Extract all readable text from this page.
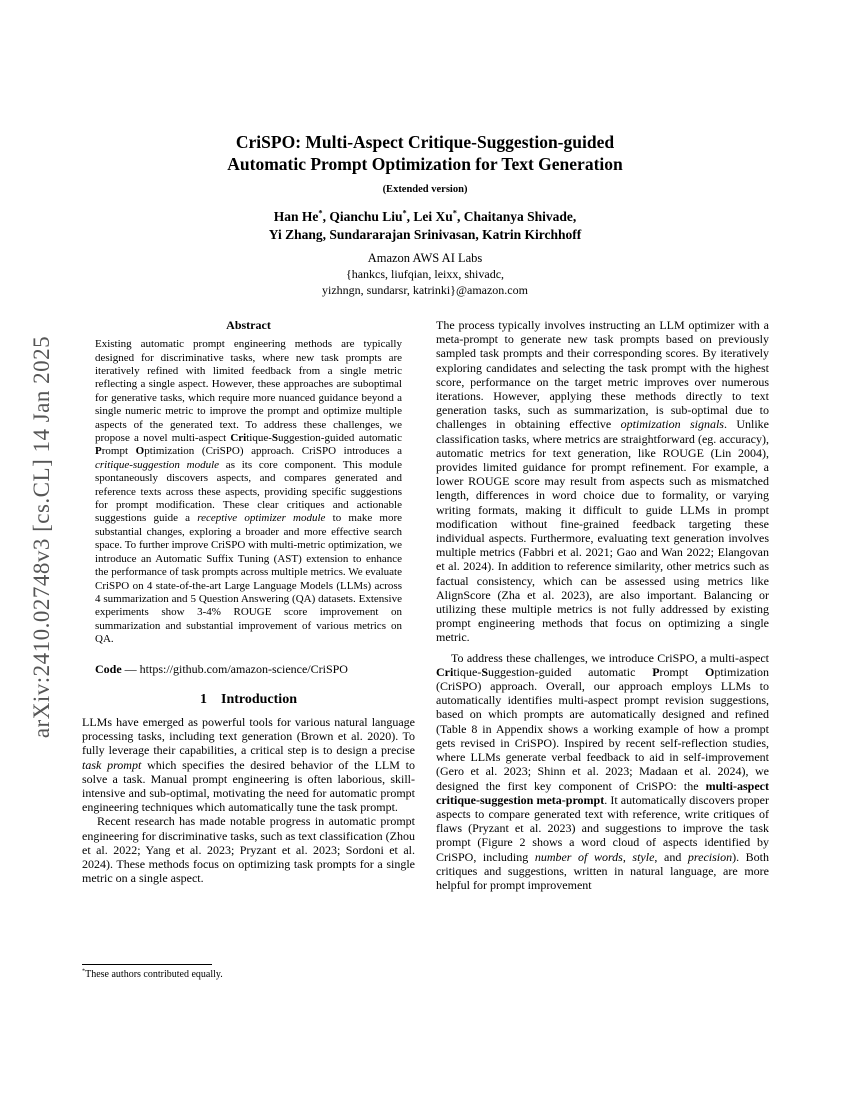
arXiv:2410.02748v3 [cs.CL] 14 Jan 2025
CriSPO: Multi-Aspect Critique-Suggestion-guided
Automatic Prompt Optimization for Text Generation
(Extended version)
Han He*, Qianchu Liu*, Lei Xu*, Chaitanya Shivade,
Yi Zhang, Sundararajan Srinivasan, Katrin Kirchhoff
Amazon AWS AI Labs
{hankcs, liufqian, leixx, shivadc,
yizhngn, sundarsr, katrinki}@amazon.com
Abstract
Existing automatic prompt engineering methods are typically designed for discriminative tasks, where new task prompts are iteratively refined with limited feedback from a single metric reflecting a single aspect. However, these approaches are suboptimal for generative tasks, which require more nuanced guidance beyond a single numeric metric to improve the prompt and optimize multiple aspects of the generated text. To address these challenges, we propose a novel multi-aspect Critique-Suggestion-guided automatic Prompt Optimization (CriSPO) approach. CriSPO introduces a critique-suggestion module as its core component. This module spontaneously discovers aspects, and compares generated and reference texts across these aspects, providing specific suggestions for prompt modification. These clear critiques and actionable suggestions guide a receptive optimizer module to make more substantial changes, exploring a broader and more effective search space. To further improve CriSPO with multi-metric optimization, we introduce an Automatic Suffix Tuning (AST) extension to enhance the performance of task prompts across multiple metrics. We evaluate CriSPO on 4 state-of-the-art Large Language Models (LLMs) across 4 summarization and 5 Question Answering (QA) datasets. Extensive experiments show 3-4% ROUGE score improvement on summarization and substantial improvement of various metrics on QA.
Code — https://github.com/amazon-science/CriSPO
1 Introduction

LLMs have emerged as powerful tools for various natural language processing tasks, including text generation (Brown et al. 2020). To fully leverage their capabilities, a critical step is to design a precise task prompt which specifies the desired behavior of the LLM to solve a task. Manual prompt engineering is often laborious, skill-intensive and sub-optimal, motivating the need for automatic prompt engineering techniques which automatically tune the task prompt.

Recent research has made notable progress in automatic prompt engineering for discriminative tasks, such as text classification (Zhou et al. 2022; Yang et al. 2023; Pryzant et al. 2023; Sordoni et al. 2024). These methods focus on optimizing task prompts for a single metric on a single aspect.

The process typically involves instructing an LLM optimizer with a meta-prompt to generate new task prompts based on previously sampled task prompts and their corresponding scores. By iteratively exploring candidates and selecting the task prompt with the highest score, performance on the target metric improves over numerous iterations. However, applying these methods directly to text generation tasks, such as summarization, is sub-optimal due to challenges in obtaining effective optimization signals. Unlike classification tasks, where metrics are straightforward (eg. accuracy), automatic metrics for text generation, like ROUGE (Lin 2004), provides limited guidance for prompt refinement. For example, a lower ROUGE score may result from aspects such as mismatched length, differences in word choice due to formality, or varying writing formats, making it difficult to guide LLMs in prompt modification without fine-grained feedback targeting these individual aspects. Furthermore, evaluating text generation involves multiple metrics (Fabbri et al. 2021; Gao and Wan 2022; Elangovan et al. 2024). In addition to reference similarity, other metrics such as factual consistency, which can be assessed using metrics like AlignScore (Zha et al. 2023), are also important. Balancing or utilizing these multiple metrics is not fully addressed by existing prompt engineering methods that focus on optimizing a single metric.

To address these challenges, we introduce CriSPO, a multi-aspect Critique-Suggestion-guided automatic Prompt Optimization (CriSPO) approach. Overall, our approach employs LLMs to automatically identifies multi-aspect prompt revision suggestions, based on which prompts are automatically designed and refined (Table 8 in Appendix shows a working example of how a prompt gets revised in CriSPO). Inspired by recent self-reflection studies, where LLMs generate verbal feedback to aid in self-improvement (Gero et al. 2023; Shinn et al. 2023; Madaan et al. 2024), we designed the first key component of CriSPO: the multi-aspect critique-suggestion meta-prompt. It automatically discovers proper aspects to compare generated text with reference, write critiques of flaws (Pryzant et al. 2023) and suggestions to improve the task prompt (Figure 2 shows a word cloud of aspects identified by CriSPO, including number of words, style, and precision). Both critiques and suggestions, written in natural language, are more helpful for prompt improvement

*These authors contributed equally.
